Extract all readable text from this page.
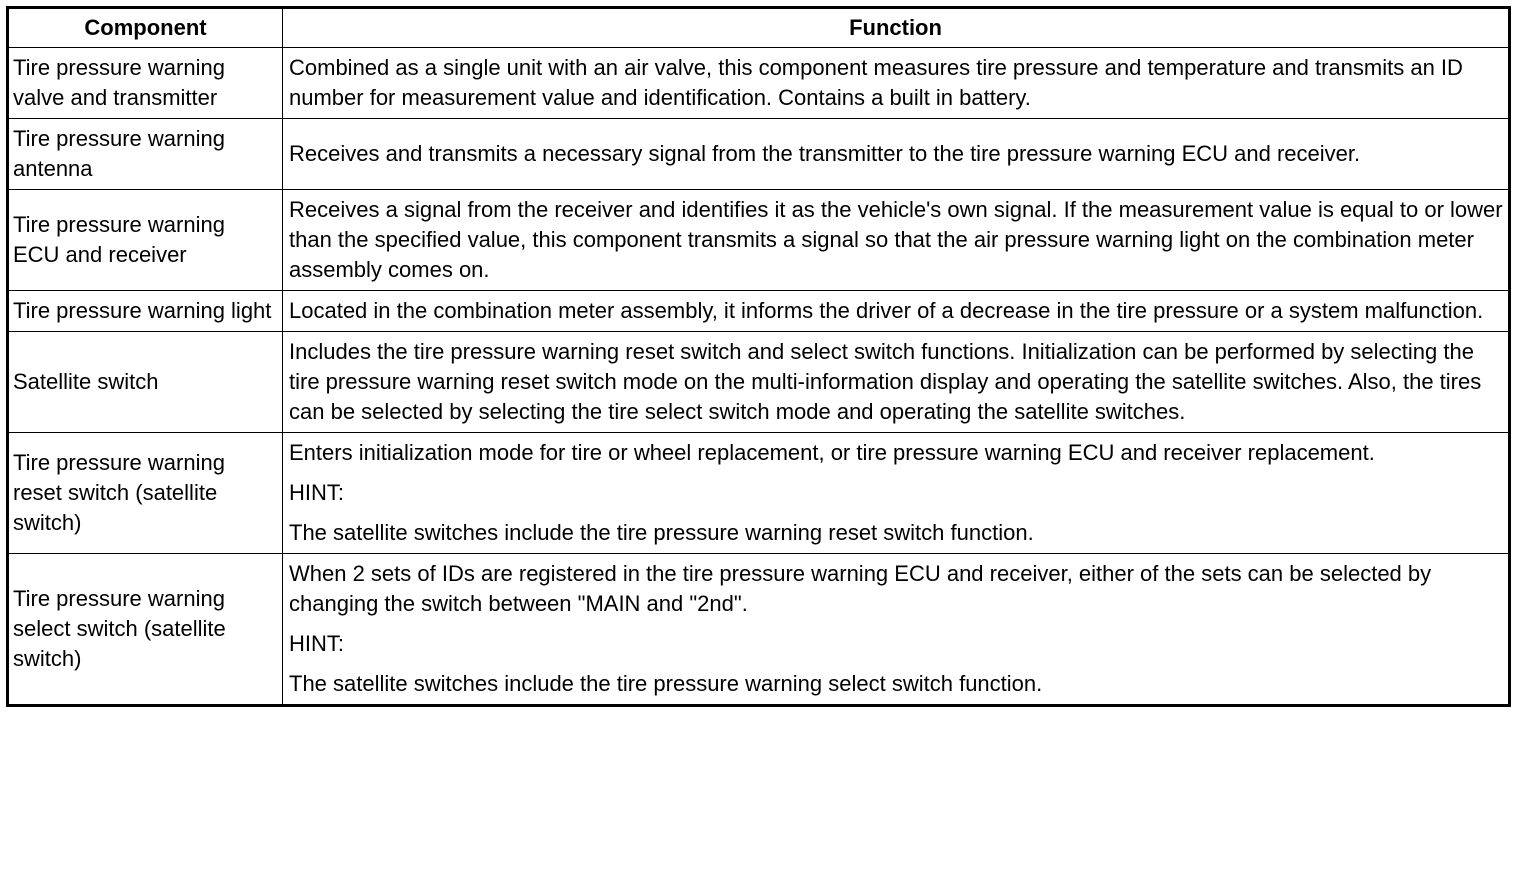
Component	Function
Tire pressure warning valve and transmitter	Combined as a single unit with an air valve, this component measures tire pressure and temperature and transmits an ID number for measurement value and identification. Contains a built in battery.

Tire pressure warning antenna	Receives and transmits a necessary signal from the transmitter to the tire pressure warning ECU and receiver.

Tire pressure warning ECU and receiver	Receives a signal from the receiver and identifies it as the vehicle's own signal. If the measurement value is equal to or lower than the specified value, this component transmits a signal so that the air pressure warning light on the combination meter assembly comes on.

Tire pressure warning light	Located in the combination meter assembly, it informs the driver of a decrease in the tire pressure or a system malfunction.

Satellite switch	Includes the tire pressure warning reset switch and select switch functions. Initialization can be performed by selecting the tire pressure warning reset switch mode on the multi-information display and operating the satellite switches. Also, the tires can be selected by selecting the tire select switch mode and operating the satellite switches.

Tire pressure warning reset switch (satellite switch)	Enters initialization mode for tire or wheel replacement, or tire pressure warning ECU and receiver replacement.

HINT:

The satellite switches include the tire pressure warning reset switch function.

Tire pressure warning select switch (satellite switch)	When 2 sets of IDs are registered in the tire pressure warning ECU and receiver, either of the sets can be selected by changing the switch between "MAIN and "2nd".

HINT:

The satellite switches include the tire pressure warning select switch function.
